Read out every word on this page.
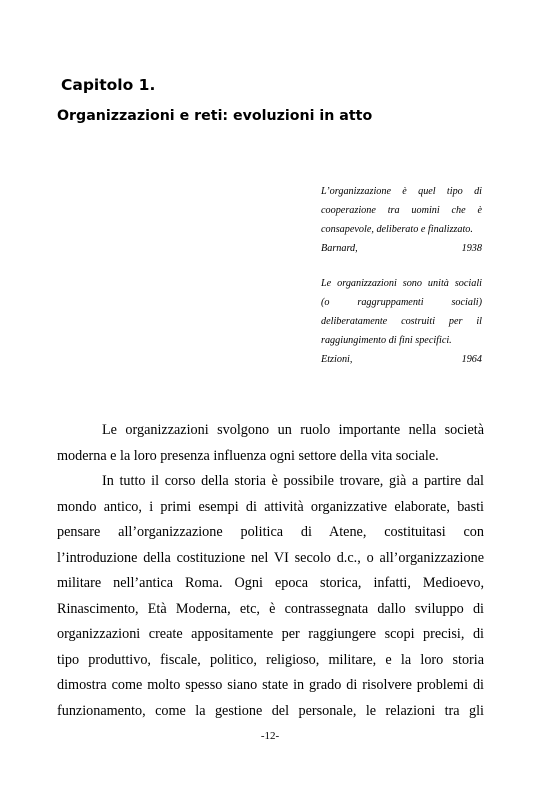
Capitolo 1.
Organizzazioni e reti: evoluzioni in atto
L’organizzazione è quel tipo di
cooperazione tra uomini che è
consapevole, deliberato e finalizzato.
Barnard, 1938
Le organizzazioni sono unità sociali
(o raggruppamenti sociali)
deliberatamente costruiti per il
raggiungimento di fini specifici.
Etzioni, 1964
Le organizzazioni svolgono un ruolo importante nella società
moderna e la loro presenza influenza ogni settore della vita sociale.
In tutto il corso della storia è possibile trovare, già a partire dal
mondo antico, i primi esempi di attività organizzative elaborate, basti
pensare all’organizzazione politica di Atene, costituitasi con
l’introduzione della costituzione nel VI secolo d.c., o all’organizzazione
militare nell’antica Roma. Ogni epoca storica, infatti, Medioevo,
Rinascimento, Età Moderna, etc, è contrassegnata dallo sviluppo di
organizzazioni create appositamente per raggiungere scopi precisi, di
tipo produttivo, fiscale, politico, religioso, militare, e la loro storia
dimostra come molto spesso siano state in grado di risolvere problemi di
funzionamento, come la gestione del personale, le relazioni tra gli
-12-
